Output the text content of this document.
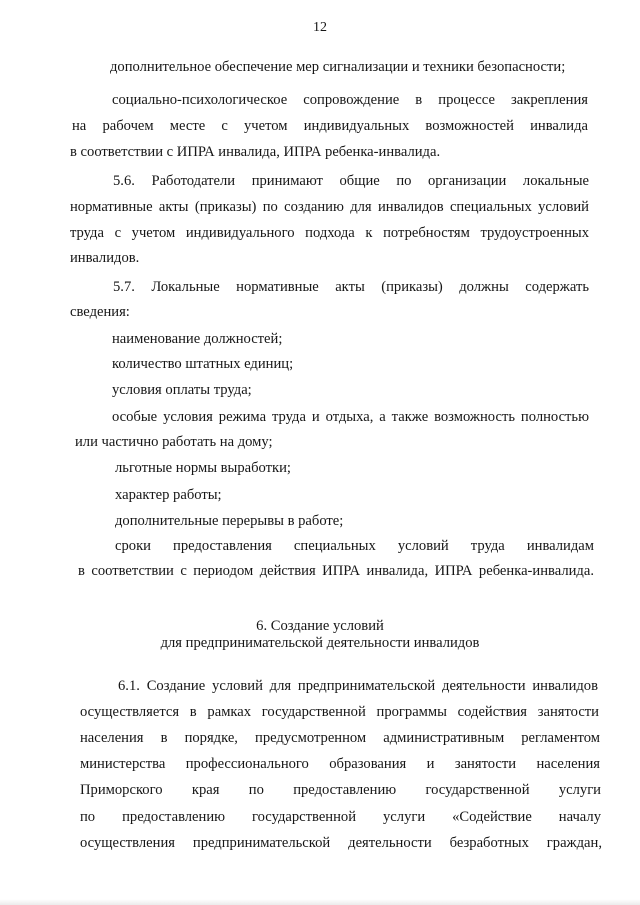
12
дополнительное обеспечение мер сигнализации и техники безопасности;
социально-психологическое сопровождение в процессе закрепления
на рабочем месте с учетом индивидуальных возможностей инвалида
в соответствии с ИПРА инвалида, ИПРА ребенка-инвалида.
5.6. Работодатели принимают общие по организации локальные
нормативные акты (приказы) по созданию для инвалидов специальных условий
труда с учетом индивидуального подхода к потребностям трудоустроенных
инвалидов.
5.7. Локальные нормативные акты (приказы) должны содержать
сведения:
наименование должностей;
количество штатных единиц;
условия оплаты труда;
особые условия режима труда и отдыха, а также возможность полностью
или частично работать на дому;
льготные нормы выработки;
характер работы;
дополнительные перерывы в работе;
сроки предоставления специальных условий труда инвалидам
в соответствии с периодом действия ИПРА инвалида, ИПРА ребенка-инвалида.
6. Создание условий
для предпринимательской деятельности инвалидов
6.1. Создание условий для предпринимательской деятельности инвалидов
осуществляется в рамках государственной программы содействия занятости
населения в порядке, предусмотренном административным регламентом
министерства профессионального образования и занятости населения
Приморского края по предоставлению государственной услуги
по предоставлению государственной услуги «Содействие началу
осуществления предпринимательской деятельности безработных граждан,
